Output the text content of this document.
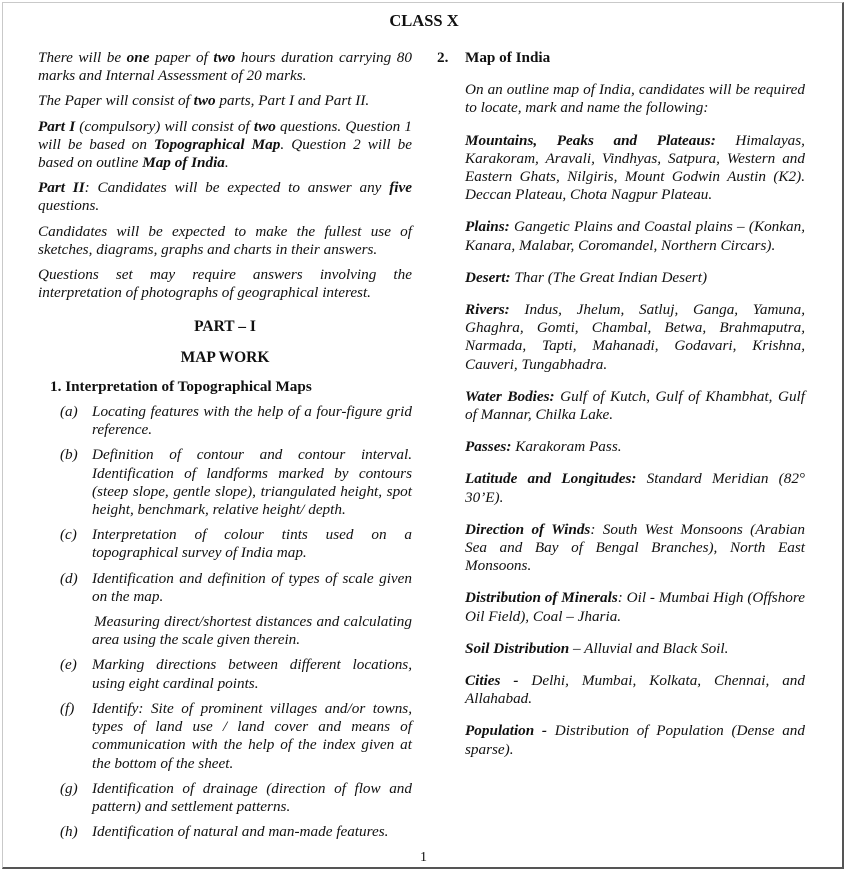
CLASS X

There will be one paper of two hours duration carrying 80 marks and Internal Assessment of 20 marks.

The Paper will consist of two parts, Part I and Part II.

Part I (compulsory) will consist of two questions. Question 1 will be based on Topographical Map. Question 2 will be based on outline Map of India.

Part II: Candidates will be expected to answer any five questions.

Candidates will be expected to make the fullest use of sketches, diagrams, graphs and charts in their answers.

Questions set may require answers involving the interpretation of photographs of geographical interest.

PART – I

MAP WORK

1. Interpretation of Topographical Maps

(a) Locating features with the help of a four-figure grid reference.

(b) Definition of contour and contour interval. Identification of landforms marked by contours (steep slope, gentle slope), triangulated height, spot height, benchmark, relative height/ depth.

(c) Interpretation of colour tints used on a topographical survey of India map.

(d) Identification and definition of types of scale given on the map.

Measuring direct/shortest distances and calculating area using the scale given therein.

(e) Marking directions between different locations, using eight cardinal points.

(f) Identify: Site of prominent villages and/or towns, types of land use / land cover and means of communication with the help of the index given at the bottom of the sheet.

(g) Identification of drainage (direction of flow and pattern) and settlement patterns.

(h) Identification of natural and man-made features.

2. Map of India

On an outline map of India, candidates will be required to locate, mark and name the following:

Mountains, Peaks and Plateaus: Himalayas, Karakoram, Aravali, Vindhyas, Satpura, Western and Eastern Ghats, Nilgiris, Mount Godwin Austin (K2). Deccan Plateau, Chota Nagpur Plateau.

Plains: Gangetic Plains and Coastal plains – (Konkan, Kanara, Malabar, Coromandel, Northern Circars).

Desert: Thar (The Great Indian Desert)

Rivers: Indus, Jhelum, Satluj, Ganga, Yamuna, Ghaghra, Gomti, Chambal, Betwa, Brahmaputra, Narmada, Tapti, Mahanadi, Godavari, Krishna, Cauveri, Tungabhadra.

Water Bodies: Gulf of Kutch, Gulf of Khambhat, Gulf of Mannar, Chilka Lake.

Passes: Karakoram Pass.

Latitude and Longitudes: Standard Meridian (82° 30’E).

Direction of Winds: South West Monsoons (Arabian Sea and Bay of Bengal Branches), North East Monsoons.

Distribution of Minerals: Oil - Mumbai High (Offshore Oil Field), Coal – Jharia.

Soil Distribution – Alluvial and Black Soil.

Cities - Delhi, Mumbai, Kolkata, Chennai, and Allahabad.

Population - Distribution of Population (Dense and sparse).

1
